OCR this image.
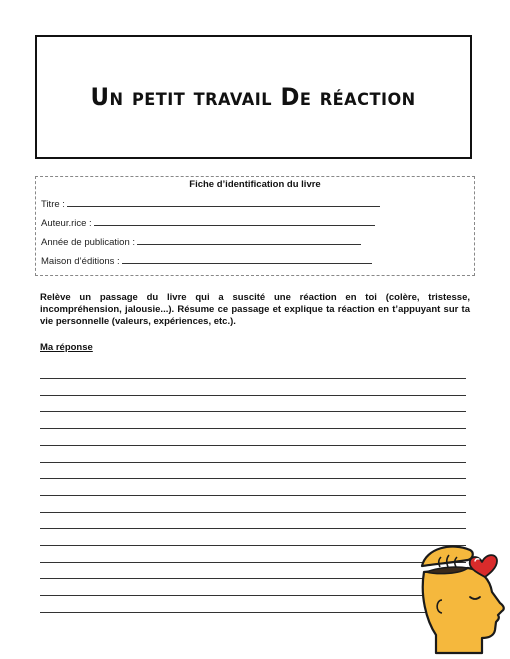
Un petit travail De réaction
Fiche d’identification du livre
Titre :
Auteur.rice :
Année de publication :
Maison d’éditions :
Relève un passage du livre qui a suscité une réaction en toi (colère, tristesse, incompréhension, jalousie...). Résume ce passage et explique ta réaction en t’appuyant sur ta vie personnelle (valeurs, expériences, etc.).
Ma réponse
